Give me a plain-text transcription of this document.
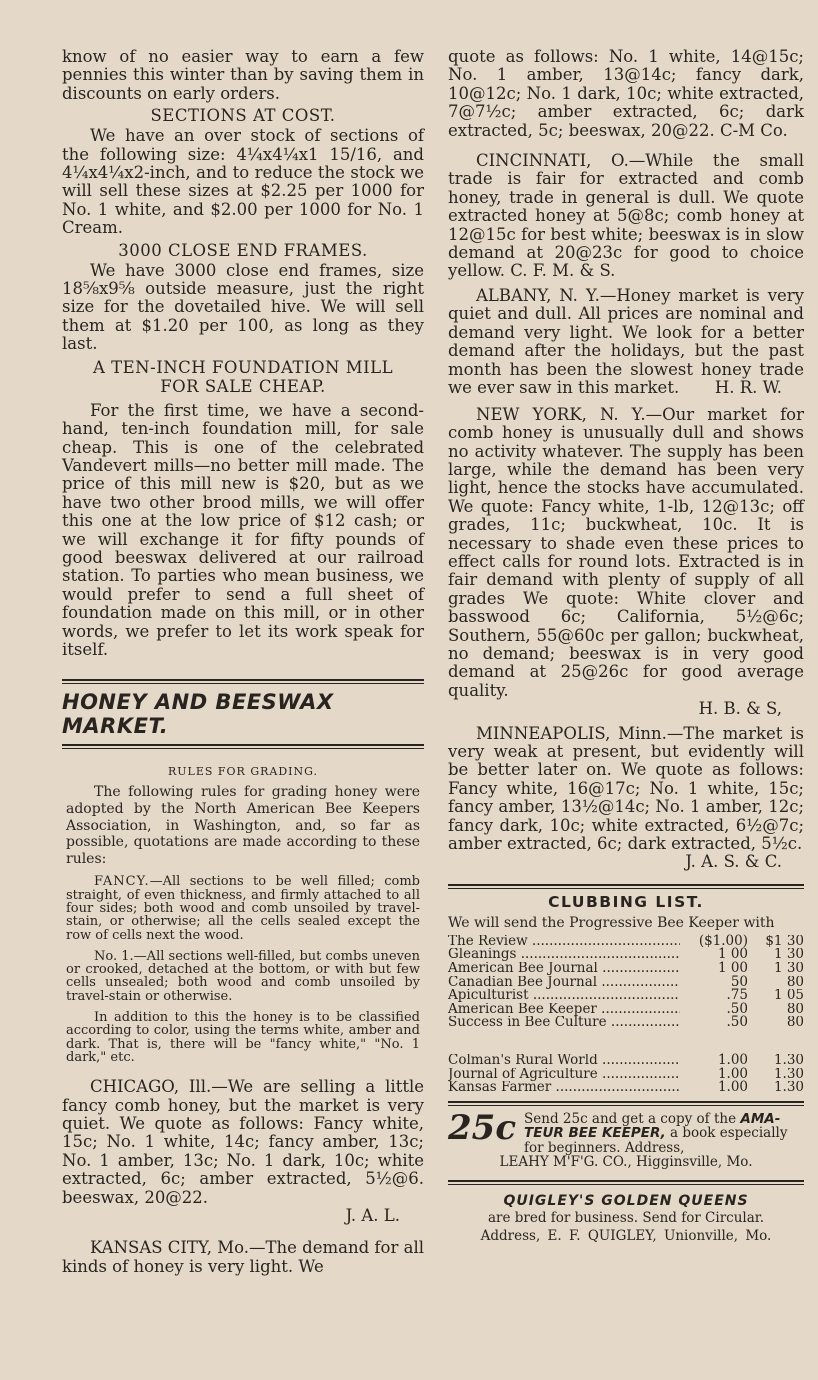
know of no easier way to earn a few pennies this winter than by saving them in discounts on early orders.

SECTIONS AT COST.

We have an over stock of sections of the following size: 4¼x4¼x1 15/16, and 4¼x4¼x2-inch, and to reduce the stock we will sell these sizes at $2.25 per 1000 for No. 1 white, and $2.00 per 1000 for No. 1 Cream.

3000 CLOSE END FRAMES.

We have 3000 close end frames, size 18⅝x9⅝ outside measure, just the right size for the dovetailed hive. We will sell them at $1.20 per 100, as long as they last.

A TEN-INCH FOUNDATION MILL
FOR SALE CHEAP.

For the first time, we have a second-hand, ten-inch foundation mill, for sale cheap. This is one of the celebrated Vandevert mills—no better mill made. The price of this mill new is $20, but as we have two other brood mills, we will offer this one at the low price of $12 cash; or we will exchange it for fifty pounds of good beeswax delivered at our railroad station. To parties who mean business, we would prefer to send a full sheet of foundation made on this mill, or in other words, we prefer to let its work speak for itself.

HONEY AND BEESWAX MARKET.
RULES FOR GRADING.

The following rules for grading honey were adopted by the North American Bee Keepers Association, in Washington, and, so far as possible, quotations are made according to these rules:

FANCY.—All sections to be well filled; comb straight, of even thickness, and firmly attached to all four sides; both wood and comb unsoiled by travel-stain, or otherwise; all the cells sealed except the row of cells next the wood.

No. 1.—All sections well-filled, but combs uneven or crooked, detached at the bottom, or with but few cells unsealed; both wood and comb unsoiled by travel-stain or otherwise.

In addition to this the honey is to be classified according to color, using the terms white, amber and dark. That is, there will be "fancy white," "No. 1 dark," etc.

CHICAGO, Ill.—We are selling a little fancy comb honey, but the market is very quiet. We quote as follows: Fancy white, 15c; No. 1 white, 14c; fancy amber, 13c; No. 1 amber, 13c; No. 1 dark, 10c; white extracted, 6c; amber extracted, 5½@6. beeswax, 20@22.

J. A. L.

KANSAS CITY, Mo.—The demand for all kinds of honey is very light. We

quote as follows: No. 1 white, 14@15c; No. 1 amber, 13@14c; fancy dark, 10@12c; No. 1 dark, 10c; white extracted, 7@7½c; amber extracted, 6c; dark extracted, 5c; beeswax, 20@22. C-M Co.

CINCINNATI, O.—While the small trade is fair for extracted and comb honey, trade in general is dull. We quote extracted honey at 5@8c; comb honey at 12@15c for best white; beeswax is in slow demand at 20@23c for good to choice yellow. C. F. M. & S.

ALBANY, N. Y.—Honey market is very quiet and dull. All prices are nominal and demand very light. We look for a better demand after the holidays, but the past month has been the slowest honey trade we ever saw in this market.	H. R. W.

NEW YORK, N. Y.—Our market for comb honey is unusually dull and shows no activity whatever. The supply has been large, while the demand has been very light, hence the stocks have accumulated. We quote: Fancy white, 1-lb, 12@13c; off grades, 11c; buckwheat, 10c. It is necessary to shade even these prices to effect calls for round lots. Extracted is in fair demand with plenty of supply of all grades We quote: White clover and basswood 6c; California, 5½@6c; Southern, 55@60c per gallon; buckwheat, no demand; beeswax is in very good demand at 25@26c for good average quality.

H. B. & S,

MINNEAPOLIS, Minn.—The market is very weak at present, but evidently will be better later on. We quote as follows: Fancy white, 16@17c; No. 1 white, 15c; fancy amber, 13½@14c; No. 1 amber, 12c; fancy dark, 10c; white extracted, 6½@7c; amber extracted, 6c; dark extracted, 5½c.

J. A. S. & C.

CLUBBING LIST.
We will send the Progressive Bee Keeper with
The Review .....	($1.00)	$1 30
Gleanings .....	1 00	1 30
American Bee Journal .....	1 00	1 30
Canadian Bee Journal .....	50	80
Apiculturist .....	.75	1 05
American Bee Keeper .....	.50	80
Success in Bee Culture .....	.50	80
Colman's Rural World .....	1.00	1.30
Journal of Agriculture .....	1.00	1.30
Kansas Farmer .....	1.00	1.30
25c Send 25c and get a copy of the AMA- TEUR BEE KEEPER, a book especially for beginners. Address,
LEAHY M'F'G. CO., Higginsville, Mo.
QUIGLEY'S GOLDEN QUEENS
are bred for business. Send for Circular.
Address, E. F. QUIGLEY, Unionville, Mo.
